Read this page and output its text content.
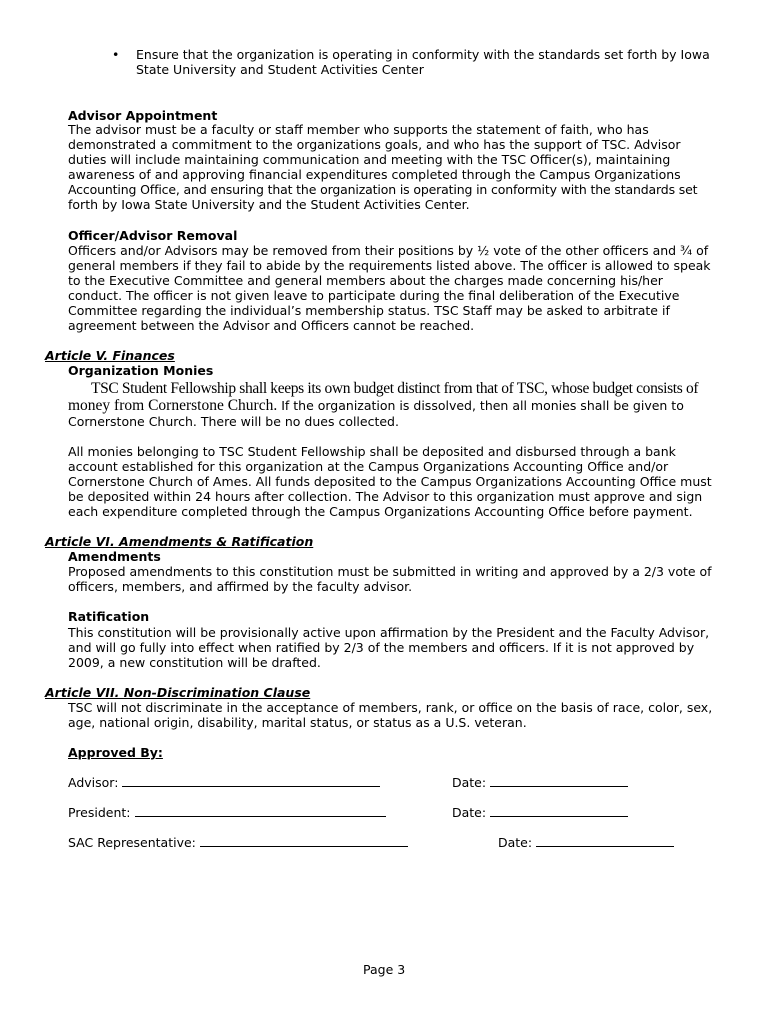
• Ensure that the organization is operating in conformity with the standards set forth by Iowa
State University and Student Activities Center
Advisor Appointment
The advisor must be a faculty or staff member who supports the statement of faith, who has
demonstrated a commitment to the organizations goals, and who has the support of TSC. Advisor
duties will include maintaining communication and meeting with the TSC Officer(s), maintaining
awareness of and approving financial expenditures completed through the Campus Organizations
Accounting Office, and ensuring that the organization is operating in conformity with the standards set
forth by Iowa State University and the Student Activities Center.
Officer/Advisor Removal
Officers and/or Advisors may be removed from their positions by ½ vote of the other officers and ¾ of
general members if they fail to abide by the requirements listed above. The officer is allowed to speak
to the Executive Committee and general members about the charges made concerning his/her
conduct. The officer is not given leave to participate during the final deliberation of the Executive
Committee regarding the individual’s membership status. TSC Staff may be asked to arbitrate if
agreement between the Advisor and Officers cannot be reached.
Article V. Finances
Organization Monies
TSC Student Fellowship shall keeps its own budget distinct from that of TSC, whose budget consists of
money from Cornerstone Church. If the organization is dissolved, then all monies shall be given to
Cornerstone Church. There will be no dues collected.
All monies belonging to TSC Student Fellowship shall be deposited and disbursed through a bank
account established for this organization at the Campus Organizations Accounting Office and/or
Cornerstone Church of Ames. All funds deposited to the Campus Organizations Accounting Office must
be deposited within 24 hours after collection. The Advisor to this organization must approve and sign
each expenditure completed through the Campus Organizations Accounting Office before payment.
Article VI. Amendments & Ratification
Amendments
Proposed amendments to this constitution must be submitted in writing and approved by a 2/3 vote of
officers, members, and affirmed by the faculty advisor.
Ratification
This constitution will be provisionally active upon affirmation by the President and the Faculty Advisor,
and will go fully into effect when ratified by 2/3 of the members and officers. If it is not approved by
2009, a new constitution will be drafted.
Article VII. Non-Discrimination Clause
TSC will not discriminate in the acceptance of members, rank, or office on the basis of race, color, sex,
age, national origin, disability, marital status, or status as a U.S. veteran.
Approved By:
Advisor:	Date:
President:	Date:
SAC Representative:	Date:
Page 3
